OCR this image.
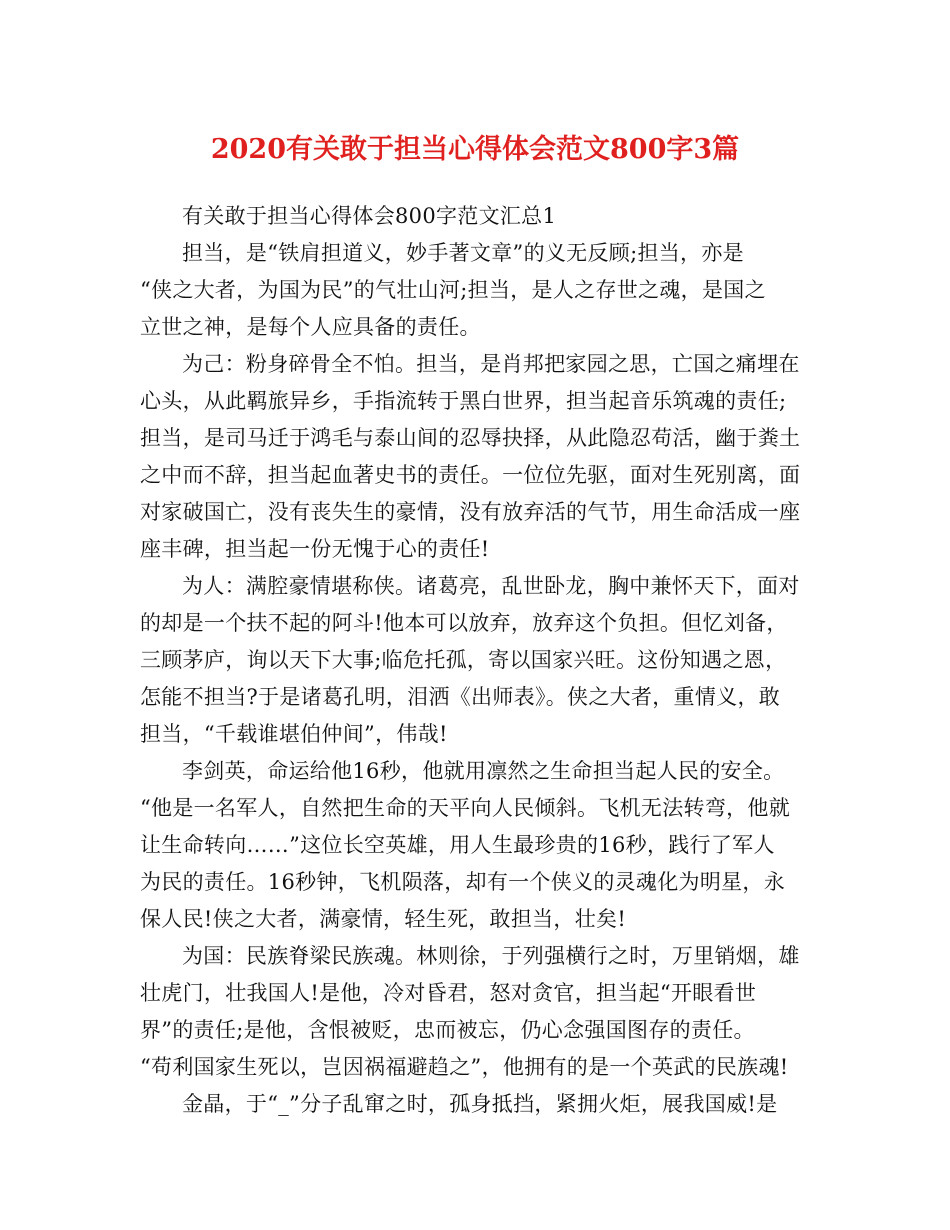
2020有关敢于担当心得体会范文800字3篇
有关敢于担当心得体会800字范文汇总1
担当，是“铁肩担道义，妙手著文章”的义无反顾;担当，亦是
“侠之大者，为国为民”的气壮山河;担当，是人之存世之魂，是国之
立世之神，是每个人应具备的责任。
为己：粉身碎骨全不怕。担当，是肖邦把家园之思，亡国之痛埋在
心头，从此羁旅异乡，手指流转于黑白世界，担当起音乐筑魂的责任;
担当，是司马迁于鸿毛与泰山间的忍辱抉择，从此隐忍苟活，幽于粪土
之中而不辞，担当起血著史书的责任。一位位先驱，面对生死别离，面
对家破国亡，没有丧失生的豪情，没有放弃活的气节，用生命活成一座
座丰碑，担当起一份无愧于心的责任!
为人：满腔豪情堪称侠。诸葛亮，乱世卧龙，胸中兼怀天下，面对
的却是一个扶不起的阿斗!他本可以放弃，放弃这个负担。但忆刘备，
三顾茅庐，询以天下大事;临危托孤，寄以国家兴旺。这份知遇之恩，
怎能不担当?于是诸葛孔明，泪洒《出师表》。侠之大者，重情义，敢
担当，“千载谁堪伯仲间”，伟哉!
李剑英，命运给他16秒，他就用凛然之生命担当起人民的安全。
“他是一名军人，自然把生命的天平向人民倾斜。飞机无法转弯，他就
让生命转向……”这位长空英雄，用人生最珍贵的16秒，践行了军人
为民的责任。16秒钟，飞机陨落，却有一个侠义的灵魂化为明星，永
保人民!侠之大者，满豪情，轻生死，敢担当，壮矣!
为国：民族脊梁民族魂。林则徐，于列强横行之时，万里销烟，雄
壮虎门，壮我国人!是他，冷对昏君，怒对贪官，担当起“开眼看世
界”的责任;是他，含恨被贬，忠而被忘，仍心念强国图存的责任。
“苟利国家生死以，岂因祸福避趋之”，他拥有的是一个英武的民族魂!
金晶，于“_”分子乱窜之时，孤身抵挡，紧拥火炬，展我国威!是
